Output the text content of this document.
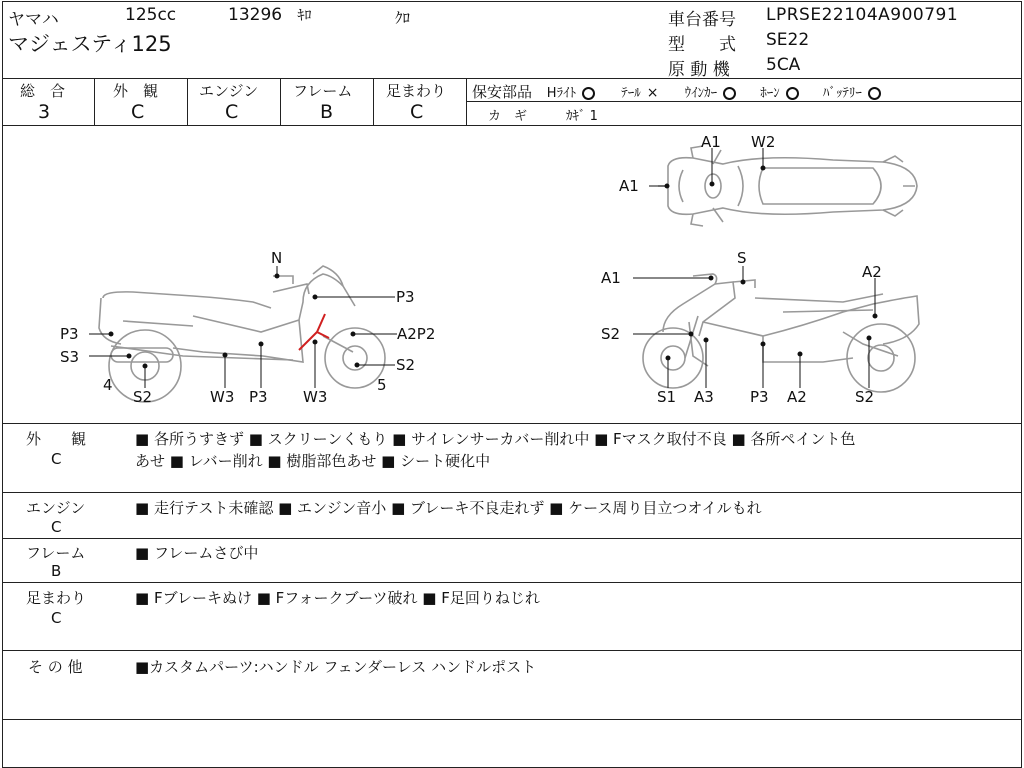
ヤマハ	125cc	13296 ｷﾛ	ｸﾛ
マジェスティ125
車台番号 LPRSE22104A900791
型　　式 SE22
原 動 機 5CA
総　合
3
外　観
C
エンジン
C
フレーム
B
足まわり
C
保安部品 Hﾗｲﾄ	ﾃｰﾙ × ｳｲﾝｶｰ	ﾎｰﾝ	ﾊﾞｯﾃﾘｰ
カ　ギ	ｶｷﾞ 1
A1 W2
A1
N
P3
P3	A2P2
S3	S2
4	5
S2	W3 P3 W3
S
A1	A2
S2
S1 A3 P3 A2	S2
外　　観
C
■ 各所うすきず ■ スクリーンくもり ■ サイレンサーカバー削れ中 ■ Fマスク取付不良 ■ 各所ペイント色
あせ ■ レバー削れ ■ 樹脂部色あせ ■ シート硬化中
エンジン
C
■ 走行テスト未確認 ■ エンジン音小 ■ ブレーキ不良走れず ■ ケース周り目立つオイルもれ
フレーム
B
■ フレームさび中
足まわり
C
■ Fブレーキぬけ ■ Fフォークブーツ破れ ■ F足回りねじれ
そ の 他	■カスタムパーツ:ハンドル フェンダーレス ハンドルポスト
